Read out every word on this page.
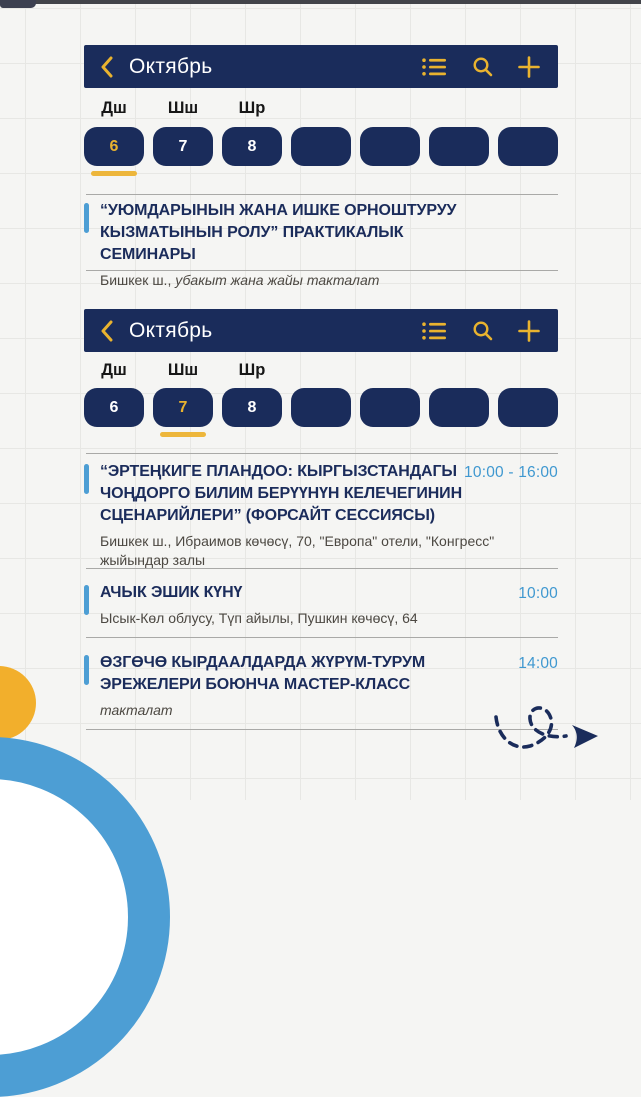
Октябрь
Дш	Шш	Шр
6	7	8
“УЮМДАРЫНЫН ЖАНА ИШКЕ ОРНОШТУРУУ КЫЗМАТЫНЫН РОЛУ” ПРАКТИКАЛЫК СЕМИНАРЫ
Бишкек ш., убакыт жана жайы такталат
Октябрь
Дш	Шш	Шр
6	7	8
10:00 - 16:00
“ЭРТЕҢКИГЕ ПЛАНДОО: КЫРГЫЗСТАНДАГЫ ЧОҢДОРГО БИЛИМ БЕРҮҮНҮН КЕЛЕЧЕГИНИН СЦЕНАРИЙЛЕРИ” (ФОРСАЙТ СЕССИЯСЫ)
Бишкек ш., Ибраимов көчөсү, 70, "Европа" отели, "Конгресс" жыйындар залы
10:00
АЧЫК ЭШИК КҮНҮ
Ысык-Көл облусу, Түп айылы, Пушкин көчөсү, 64
14:00
ӨЗГӨЧӨ КЫРДААЛДАРДА ЖҮРҮМ-ТУРУМ ЭРЕЖЕЛЕРИ БОЮНЧА МАСТЕР-КЛАСС
такталат
